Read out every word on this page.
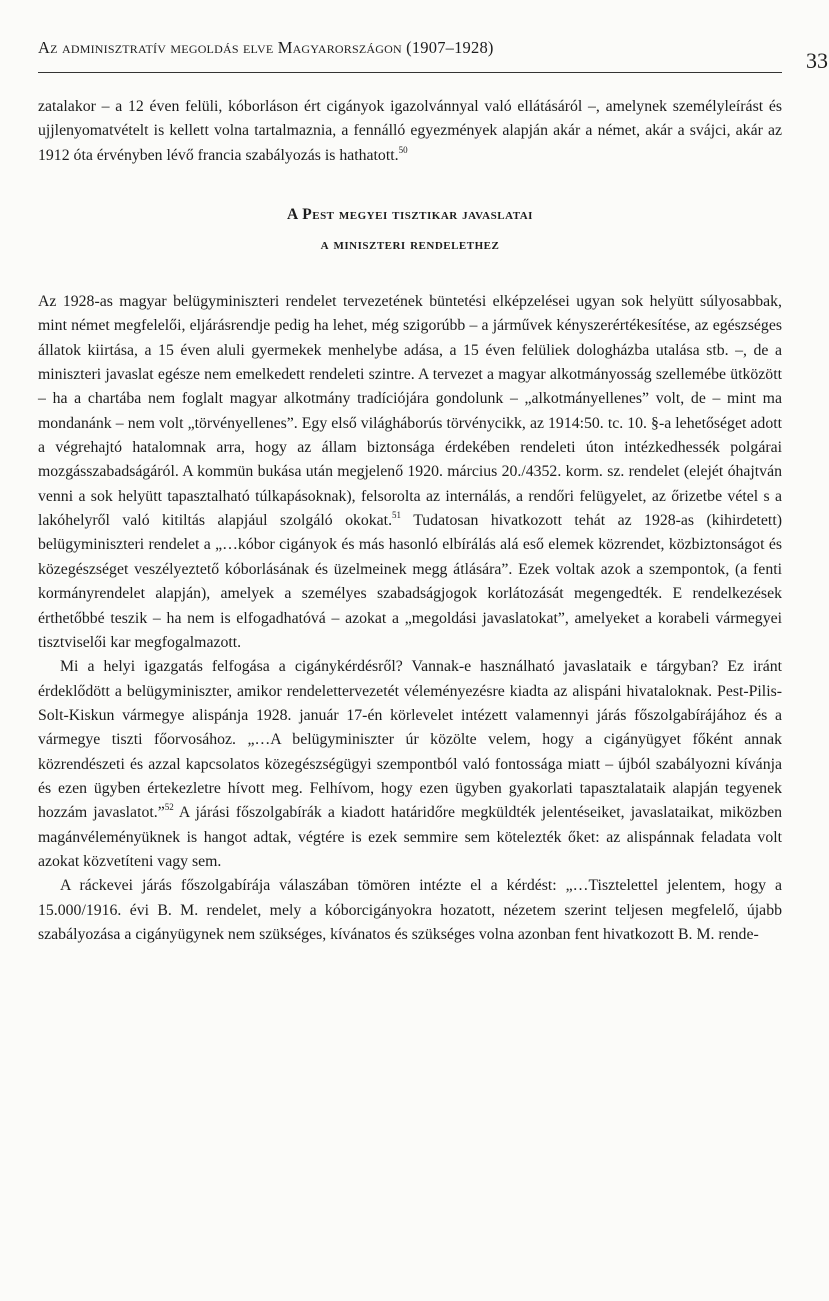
Az adminisztratív megoldás elve Magyarországon (1907–1928)
33

zatalakor – a 12 éven felüli, kóborláson ért cigányok igazolvánnyal való ellátásáról –, amelynek személyleírást és ujjlenyomatvételt is kellett volna tartalmaznia, a fennálló egyezmények alapján akár a német, akár a svájci, akár az 1912 óta érvényben lévő francia szabályozás is hathatott.$^{50}$

A Pest megyei tisztikar javaslatai
a miniszteri rendelethez

Az 1928-as magyar belügyminiszteri rendelet tervezetének büntetési elképzelései ugyan sok helyütt súlyosabbak, mint német megfelelői, eljárásrendje pedig ha lehet, még szigorúbb – a járművek kényszerértékesítése, az egészséges állatok kiirtása, a 15 éven aluli gyermekek menhelybe adása, a 15 éven felüliek dologházba utalása stb. –, de a miniszteri javaslat egésze nem emelkedett rendeleti szintre. A tervezet a magyar alkotmányosság szellemébe ütközött – ha a chartába nem foglalt magyar alkotmány tradíciójára gondolunk – „alkotmányellenes” volt, de – mint ma mondanánk – nem volt „törvényellenes”. Egy első világháborús törvénycikk, az 1914:50. tc. 10. §-a lehetőséget adott a végrehajtó hatalomnak arra, hogy az állam biztonsága érdekében rendeleti úton intézkedhessék polgárai mozgásszabadságáról. A kommün bukása után megjelenő 1920. március 20./4352. korm. sz. rendelet (elejét óhajtván venni a sok helyütt tapasztalható túlkapásoknak), felsorolta az internálás, a rendőri felügyelet, az őrizetbe vétel s a lakóhelyről való kitiltás alapjául szolgáló okokat.$^{51}$ Tudatosan hivatkozott tehát az 1928-as (kihirdetett) belügyminiszteri rendelet a „…kóbor cigányok és más hasonló elbírálás alá eső elemek közrendet, közbiztonságot és közegészséget veszélyeztető kóborlásának és üzelmeinek megg átlására”. Ezek voltak azok a szempontok, (a fenti kormányrendelet alapján), amelyek a személyes szabadságjogok korlátozását megengedték. E rendelkezések érthetőbbé teszik – ha nem is elfogadhatóvá – azokat a „megoldási javaslatokat”, amelyeket a korabeli vármegyei tisztviselői kar megfogalmazott.

Mi a helyi igazgatás felfogása a cigánykérdésről? Vannak-e használható javaslataik e tárgyban? Ez iránt érdeklődött a belügyminiszter, amikor rendelettervezetét véleményezésre kiadta az alispáni hivataloknak. Pest-Pilis-Solt-Kiskun vármegye alispánja 1928. január 17-én körlevelet intézett valamennyi járás főszolgabírájához és a vármegye tiszti főorvosához. „…A belügyminiszter úr közölte velem, hogy a cigányügyet főként annak közrendészeti és azzal kapcsolatos közegészségügyi szempontból való fontossága miatt – újból szabályozni kívánja és ezen ügyben értekezletre hívott meg. Felhívom, hogy ezen ügyben gyakorlati tapasztalataik alapján tegyenek hozzám javaslatot.”$^{52}$ A járási főszolgabírák a kiadott határidőre megküldték jelentéseiket, javaslataikat, miközben magánvéleményüknek is hangot adtak, végtére is ezek semmire sem kötelezték őket: az alispánnak feladata volt azokat közvetíteni vagy sem.

A ráckevei járás főszolgabírája válaszában tömören intézte el a kérdést: „…Tisztelettel jelentem, hogy a 15.000/1916. évi B. M. rendelet, mely a kóborcigányokra hozatott, nézetem szerint teljesen megfelelő, újabb szabályozása a cigányügynek nem szükséges, kívánatos és szükséges volna azonban fent hivatkozott B. M. rende-
